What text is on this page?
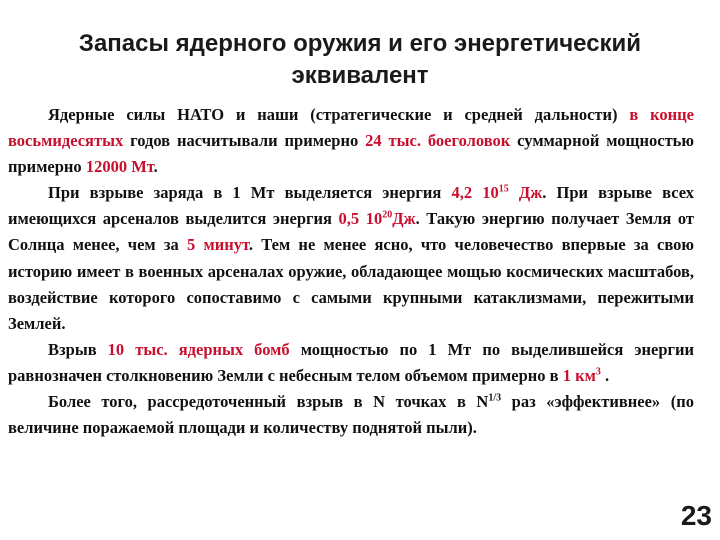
Запасы ядерного оружия и его энергетический
эквивалент

Ядерные силы НАТО и наши (стратегические и средней дальности) в конце восьмидесятых годов насчитывали примерно 24 тыс. боеголовок суммарной мощностью примерно 12000 Мт.

При взрыве заряда в 1 Мт выделяется энергия 4,2 $10^{15}$ Дж. При взрыве всех имеющихся арсеналов выделится энергия 0,5 $10^{20}Дж$. Такую энергию получает Земля от Солнца менее, чем за 5 минут. Тем не менее ясно, что человечество впервые за свою историю имеет в военных арсеналах оружие, обладающее мощью космических масштабов, воздействие которого сопоставимо с самыми крупными катаклизмами, пережитыми Землей.

Взрыв 10 тыс. ядерных бомб мощностью по 1 Мт по выделившейся энергии равнозначен столкновению Земли с небесным телом объемом примерно в 1 $км^3$ .

Более того, рассредоточенный взрыв в N точках в $N^{1/3}$ раз «эффективнее» (по величине поражаемой площади и количеству поднятой пыли).

23
